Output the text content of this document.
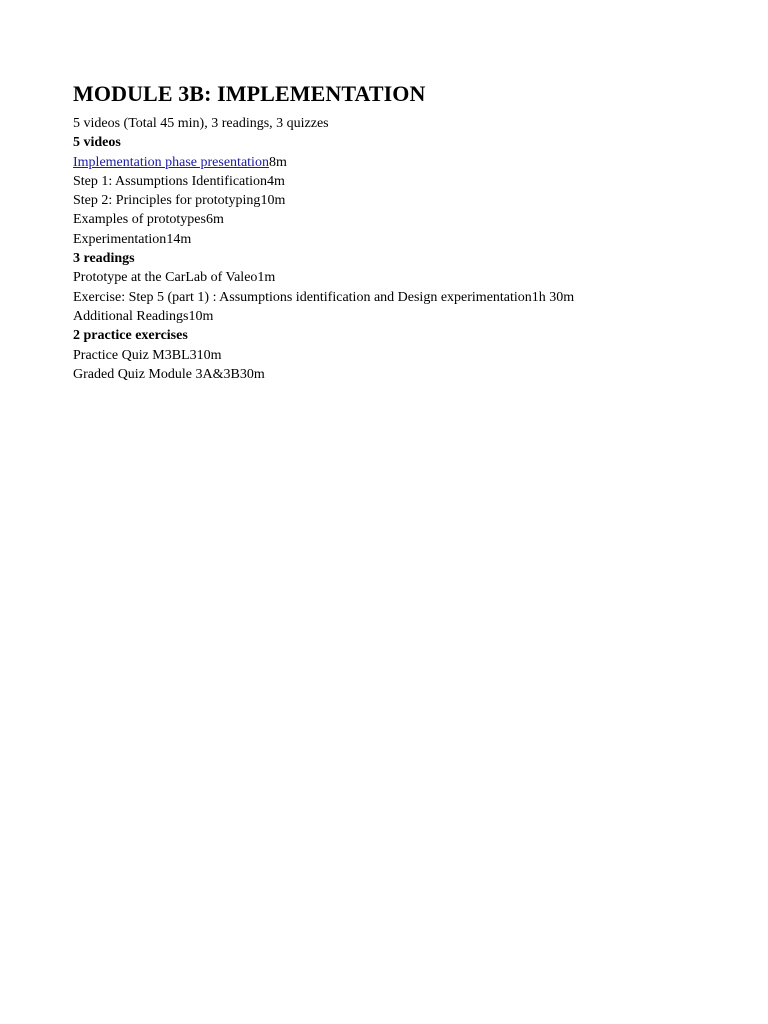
MODULE 3B: IMPLEMENTATION
5 videos (Total 45 min), 3 readings, 3 quizzes
5 videos
Implementation phase presentation8m
Step 1: Assumptions Identification4m
Step 2: Principles for prototyping10m
Examples of prototypes6m
Experimentation14m
3 readings
Prototype at the CarLab of Valeo1m
Exercise: Step 5 (part 1) : Assumptions identification and Design experimentation1h 30m
Additional Readings10m
2 practice exercises
Practice Quiz M3BL310m
Graded Quiz Module 3A&3B30m
